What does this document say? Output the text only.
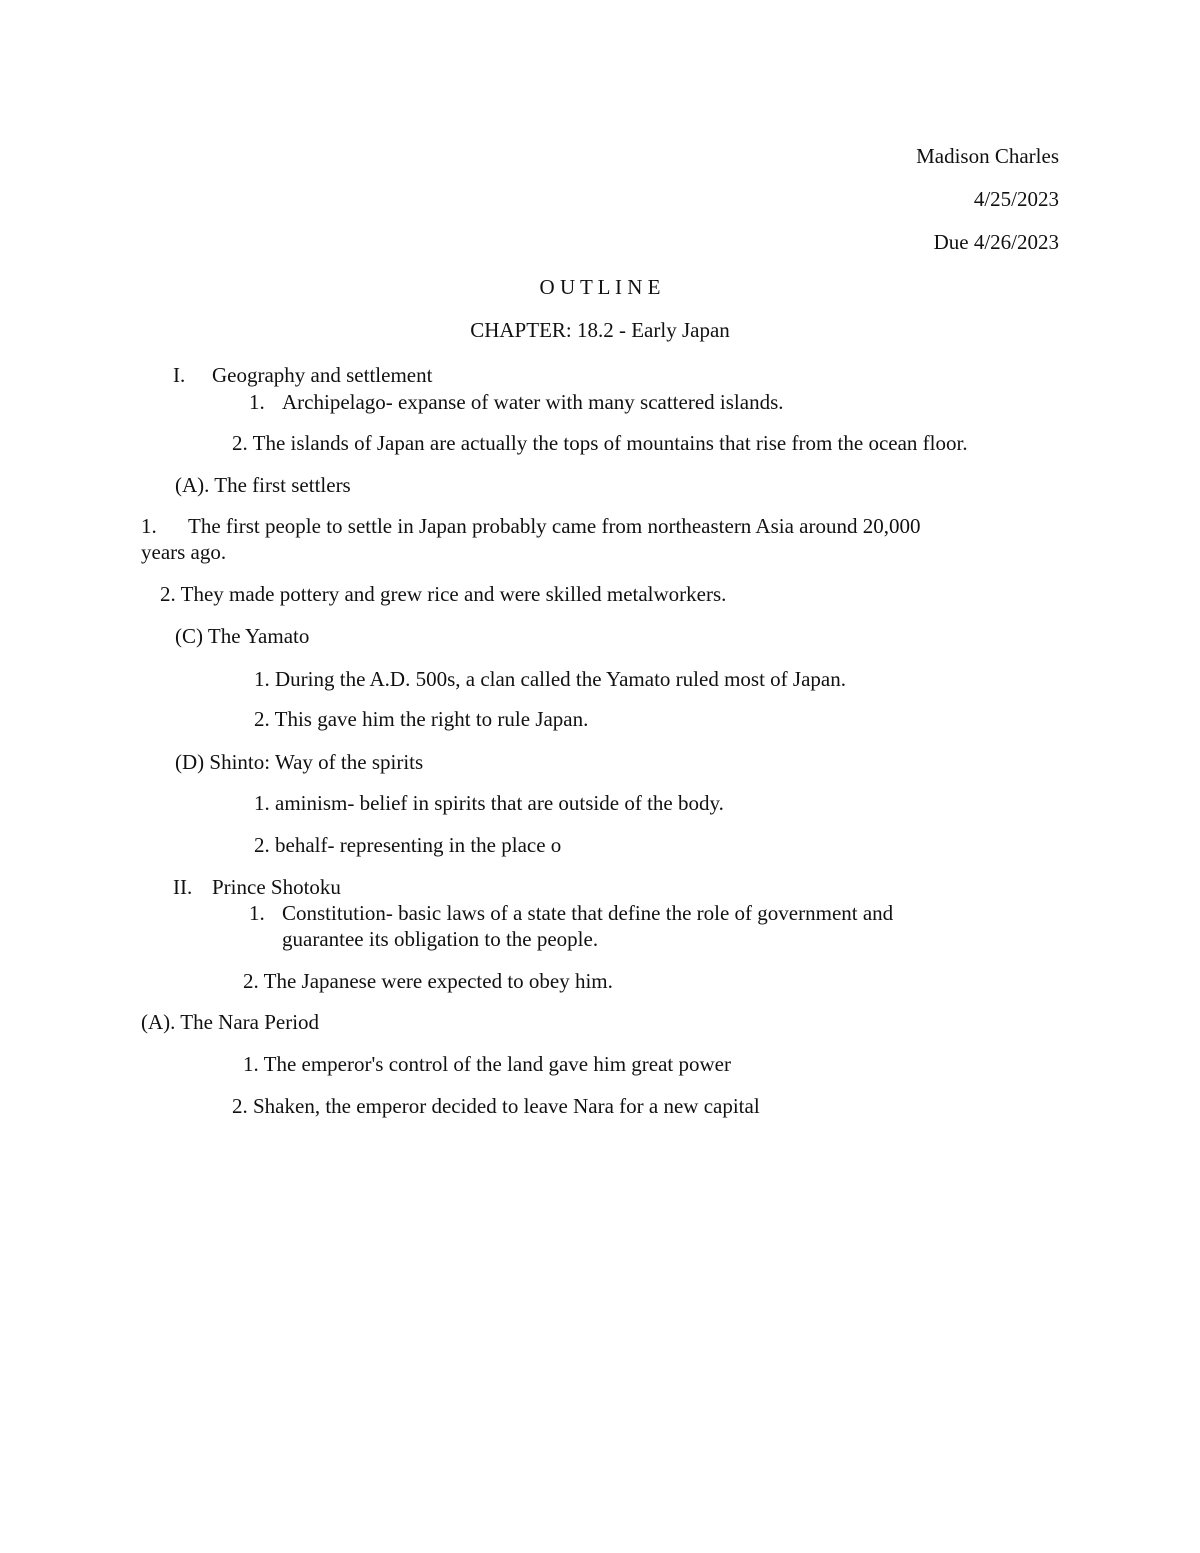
Madison Charles
4/25/2023
Due 4/26/2023
O U T L I N E
CHAPTER: 18.2 - Early Japan
I. Geography and settlement
1. Archipelago- expanse of water with many scattered islands.
2. The islands of Japan are actually the tops of mountains that rise from the ocean floor.
(A). The first settlers
1. The first people to settle in Japan probably came from northeastern Asia around 20,000
years ago.
2. They made pottery and grew rice and were skilled metalworkers.
(C) The Yamato
1. During the A.D. 500s, a clan called the Yamato ruled most of Japan.
2. This gave him the right to rule Japan.
(D) Shinto: Way of the spirits
1. aminism- belief in spirits that are outside of the body.
2. behalf- representing in the place o
II. Prince Shotoku
1. Constitution- basic laws of a state that define the role of government and
guarantee its obligation to the people.
2. The Japanese were expected to obey him.
(A). The Nara Period
1. The emperor's control of the land gave him great power
2. Shaken, the emperor decided to leave Nara for a new capital
